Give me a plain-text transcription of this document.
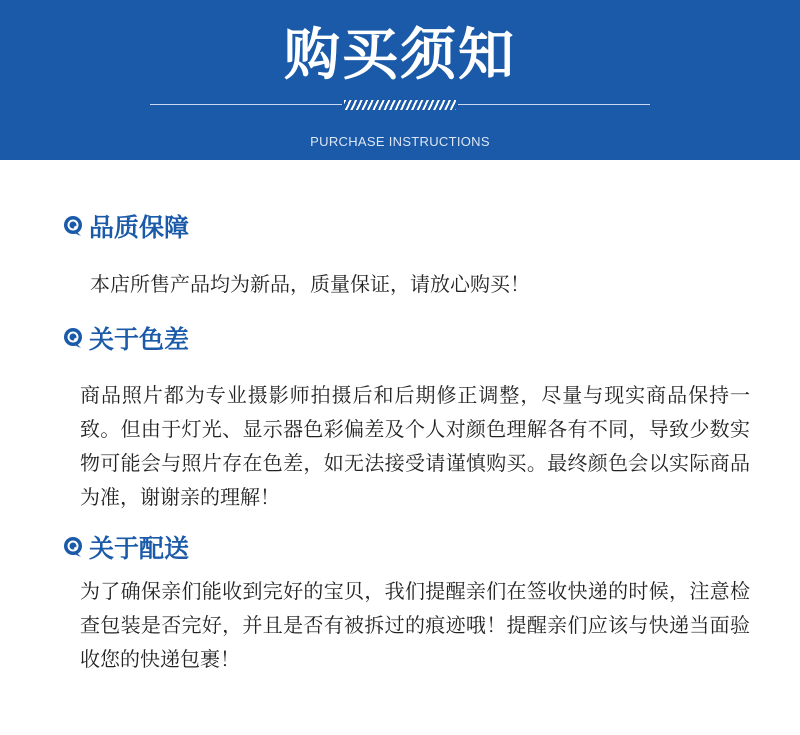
购买须知
PURCHASE INSTRUCTIONS
品质保障
本店所售产品均为新品，质量保证，请放心购买！
关于色差
商品照片都为专业摄影师拍摄后和后期修正调整，尽量与现实商品保持一致。但由于灯光、显示器色彩偏差及个人对颜色理解各有不同，导致少数实物可能会与照片存在色差，如无法接受请谨慎购买。最终颜色会以实际商品为准，谢谢亲的理解！
关于配送
为了确保亲们能收到完好的宝贝，我们提醒亲们在签收快递的时候，注意检查包装是否完好，并且是否有被拆过的痕迹哦！提醒亲们应该与快递当面验收您的快递包裹！
